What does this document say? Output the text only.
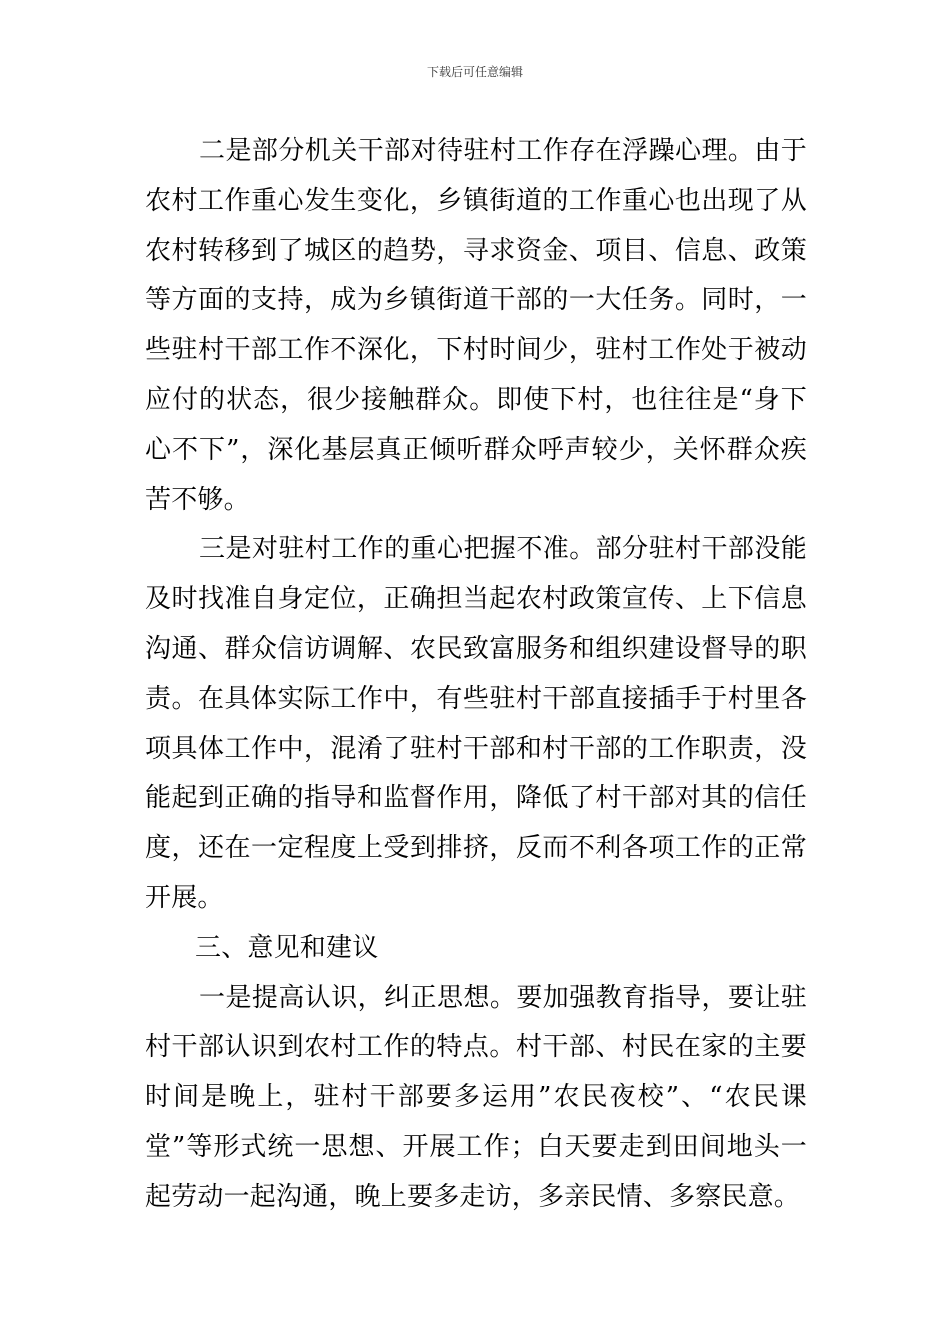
下载后可任意编辑

二是部分机关干部对待驻村工作存在浮躁心理。由于农村工作重心发生变化，乡镇街道的工作重心也出现了从农村转移到了城区的趋势，寻求资金、项目、信息、政策等方面的支持，成为乡镇街道干部的一大任务。同时，一些驻村干部工作不深化，下村时间少，驻村工作处于被动应付的状态，很少接触群众。即使下村，也往往是“身下心不下”，深化基层真正倾听群众呼声较少，关怀群众疾苦不够。

三是对驻村工作的重心把握不准。部分驻村干部没能及时找准自身定位，正确担当起农村政策宣传、上下信息沟通、群众信访调解、农民致富服务和组织建设督导的职责。在具体实际工作中，有些驻村干部直接插手于村里各项具体工作中，混淆了驻村干部和村干部的工作职责，没能起到正确的指导和监督作用，降低了村干部对其的信任度，还在一定程度上受到排挤，反而不利各项工作的正常开展。

三、意见和建议

一是提高认识，纠正思想。要加强教育指导，要让驻村干部认识到农村工作的特点。村干部、村民在家的主要时间是晚上，驻村干部要多运用”农民夜校”、“农民课堂”等形式统一思想、开展工作；白天要走到田间地头一起劳动一起沟通，晚上要多走访，多亲民情、多察民意。
